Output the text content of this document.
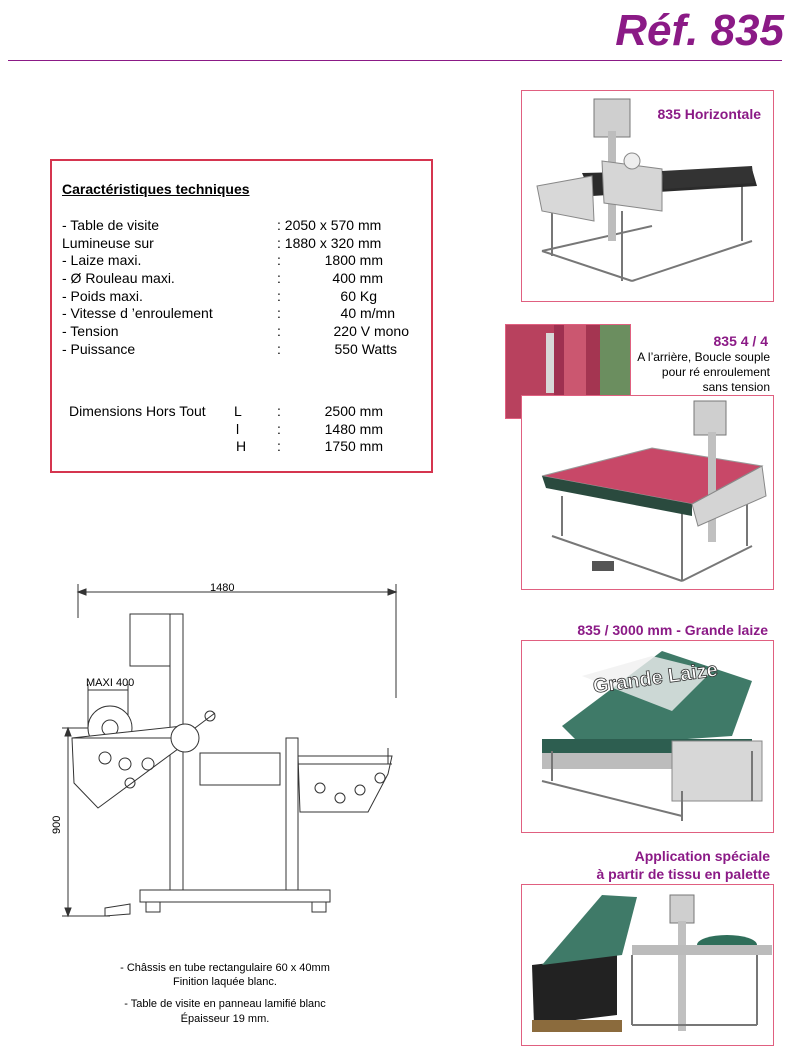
Réf. 835
Caractéristiques techniques
- Table de visite	: 2050 x 570 mm
Lumineuse sur	: 1880 x 320 mm
- Laize maxi.	:	1800 mm
- Ø Rouleau maxi.	:	400 mm
- Poids maxi.	:	60 Kg
- Vitesse d ’enroulement	:	40 m/mn
- Tension	:	220 V mono
- Puissance	:	550 Watts
Dimensions Hors Tout L	:	2500 mm
l	:	1480 mm
H :	1750 mm
1480
900
MAXI 400
- Châssis en tube rectangulaire 60 x 40mm
Finition laquée blanc.
- Table de visite en panneau lamifié blanc
Épaisseur 19 mm.
835 Horizontale
835 4 / 4
A l’arrière, Boucle souple
pour ré enroulement
sans tension
835 / 3000 mm - Grande laize
Grande Laize
Application spéciale
à partir de tissu en palette
